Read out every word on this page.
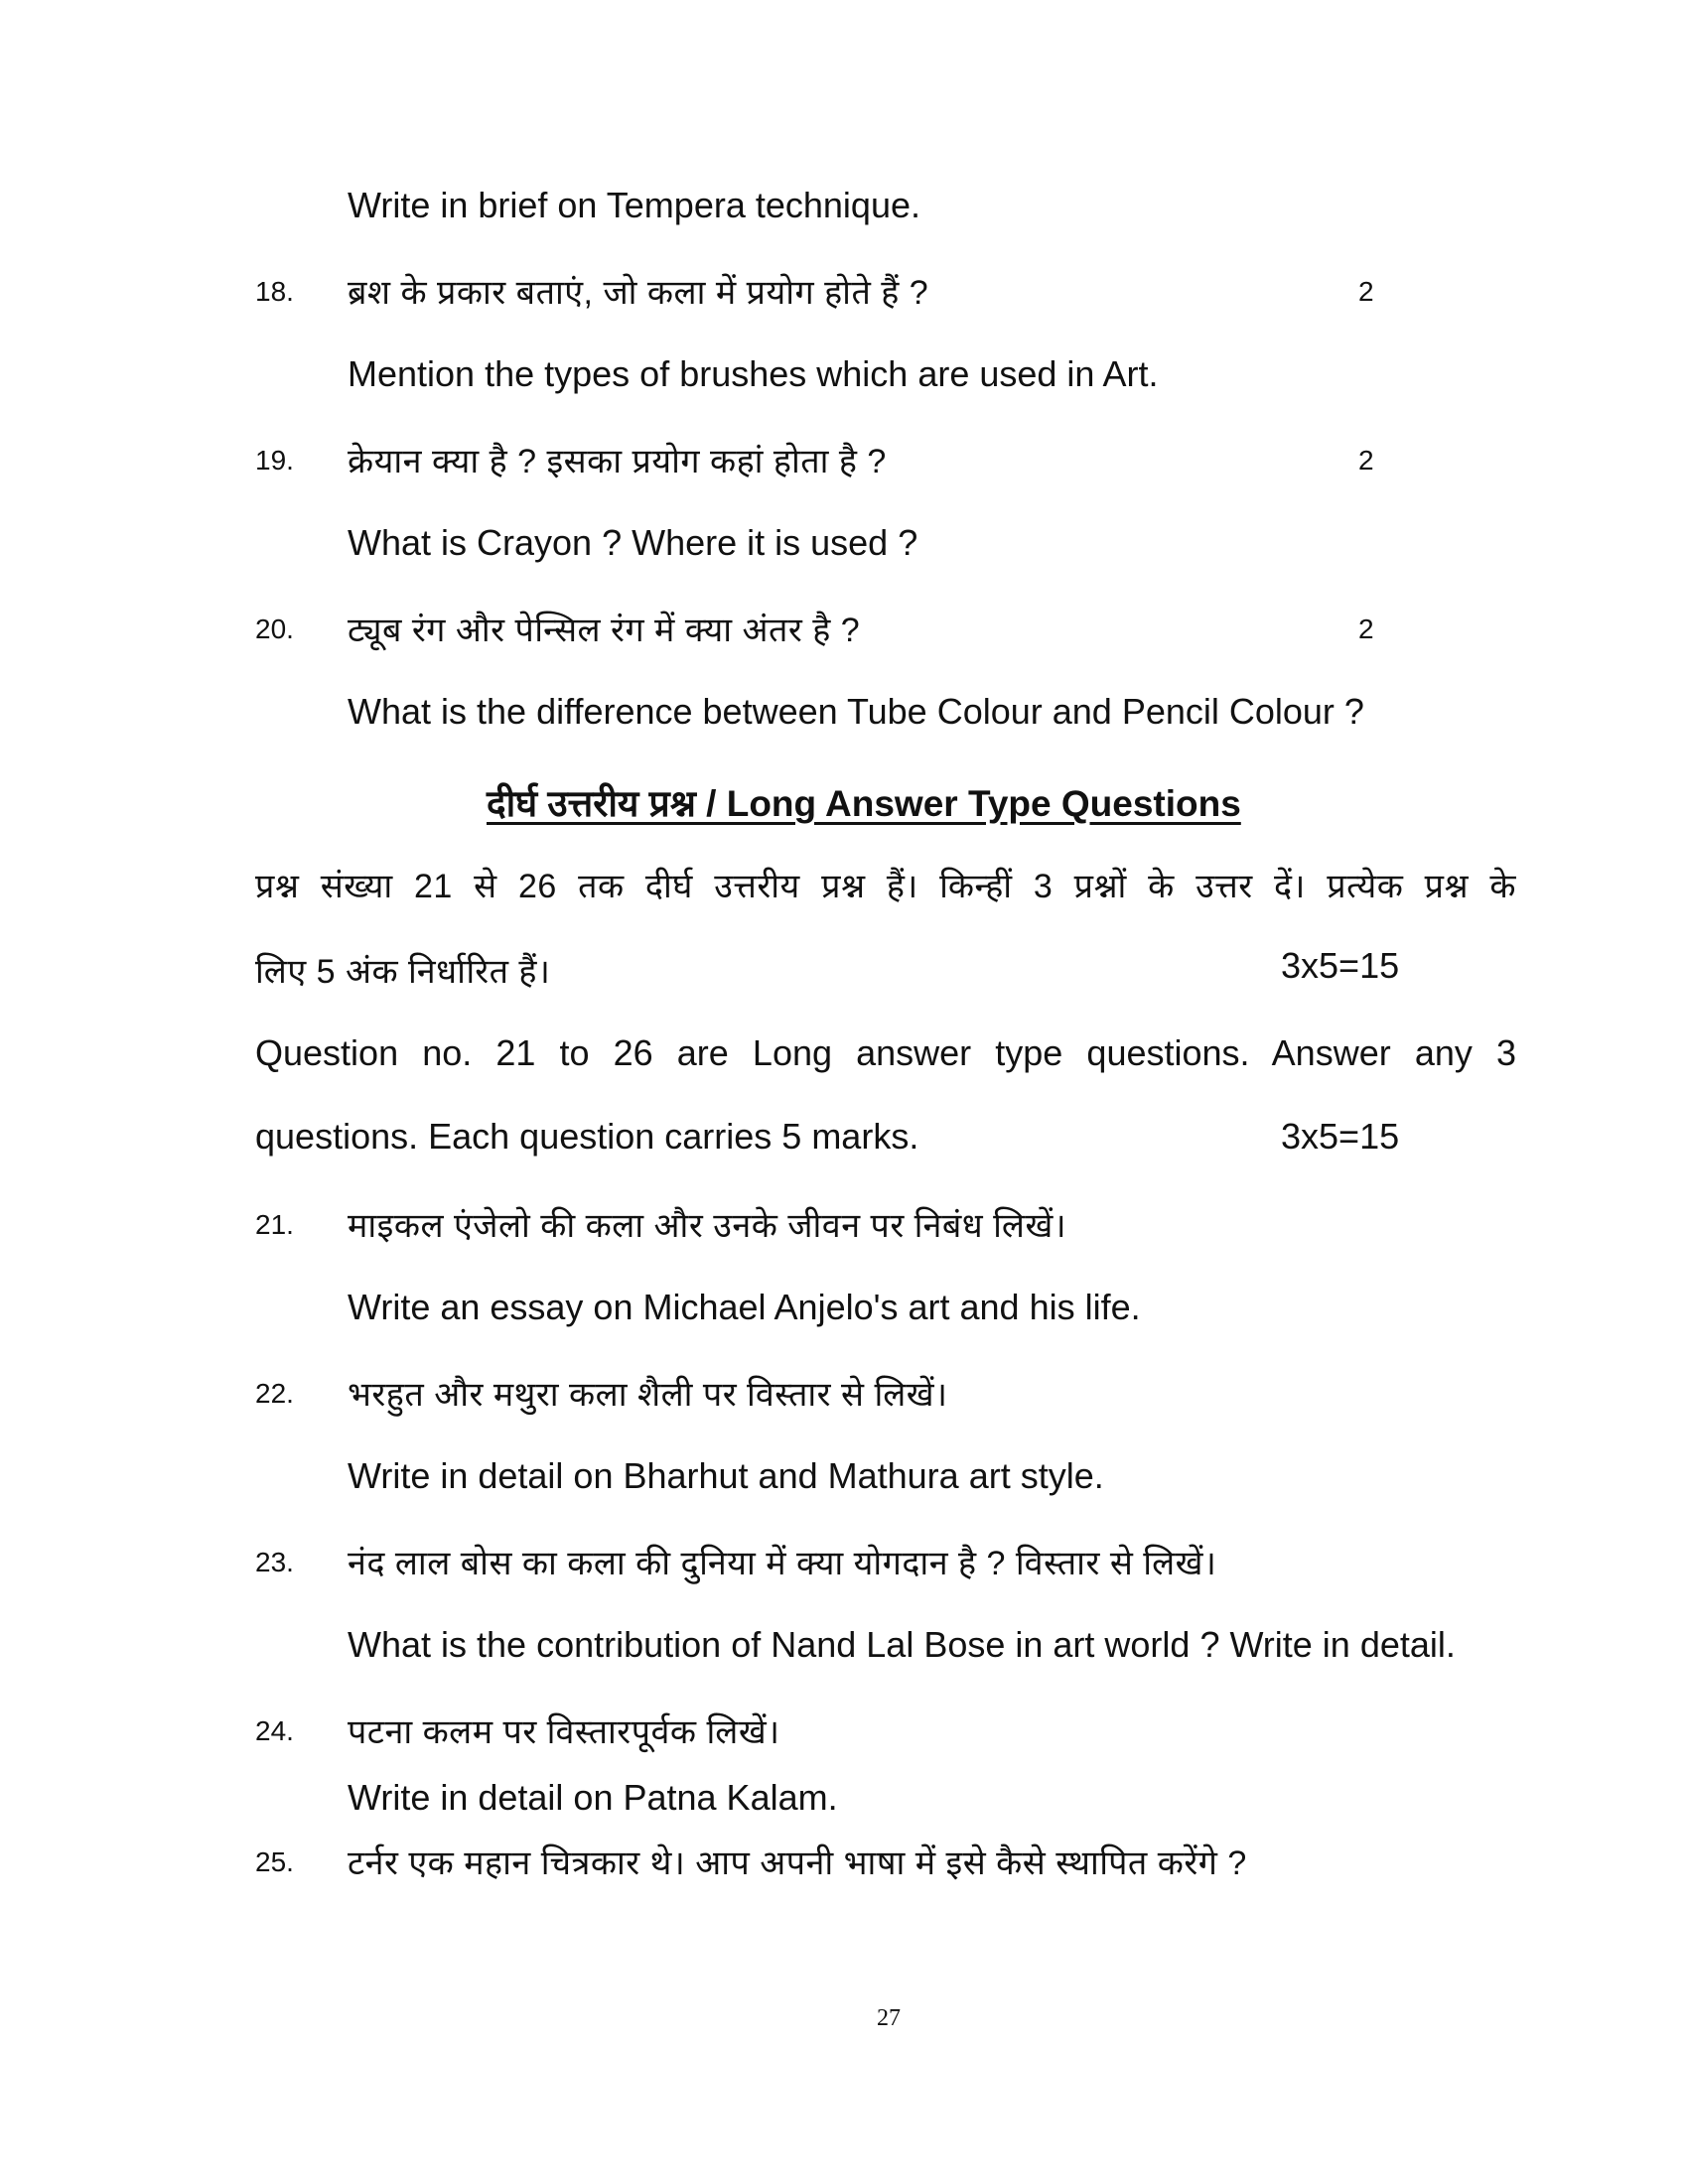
Write in brief on Tempera technique.
18. ब्रश के प्रकार बताएं, जो कला में प्रयोग होते हैं ?	2
Mention the types of brushes which are used in Art.
19. क्रेयान क्या है ? इसका प्रयोग कहां होता है ?	2
What is Crayon ? Where it is used ?
20. ट्यूब रंग और पेन्सिल रंग में क्या अंतर है ?	2
What is the difference between Tube Colour and Pencil Colour ?
दीर्घ उत्तरीय प्रश्न / Long Answer Type Questions
प्रश्न संख्या 21 से 26 तक दीर्घ उत्तरीय प्रश्न हैं। किन्हीं 3 प्रश्नों के उत्तर दें। प्रत्येक प्रश्न के
लिए 5 अंक निर्धारित हैं।	3x5=15
Question no. 21 to 26 are Long answer type questions. Answer any 3
questions. Each question carries 5 marks.	3x5=15
21. माइकल एंजेलो की कला और उनके जीवन पर निबंध लिखें।
Write an essay on Michael Anjelo's art and his life.
22. भरहुत और मथुरा कला शैली पर विस्तार से लिखें।
Write in detail on Bharhut and Mathura art style.
23. नंद लाल बोस का कला की दुनिया में क्या योगदान है ? विस्तार से लिखें।
What is the contribution of Nand Lal Bose in art world ? Write in detail.
24. पटना कलम पर विस्तारपूर्वक लिखें।
Write in detail on Patna Kalam.
25. टर्नर एक महान चित्रकार थे। आप अपनी भाषा में इसे कैसे स्थापित करेंगे ?
27
